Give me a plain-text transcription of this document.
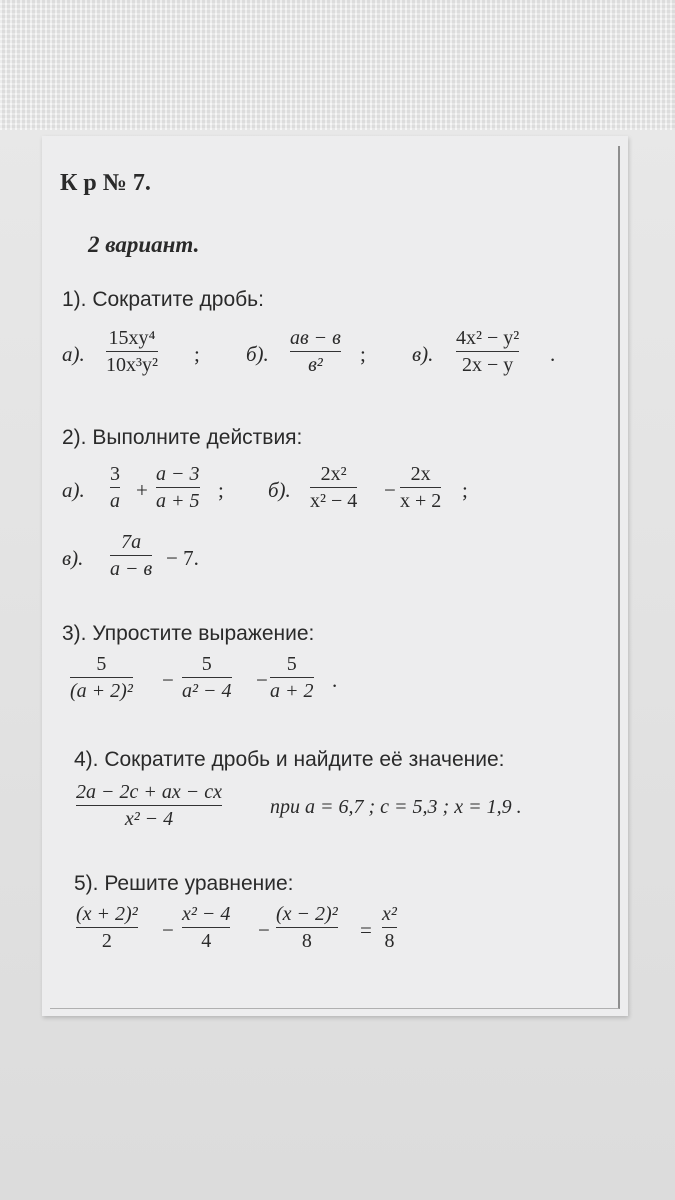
К р № 7.
2 вариант.
1). Сократите дробь:
а).
15xy⁴
10x³y² ; б).
ав − в
в² ; в).
4x² − y²
2x − y .
2). Выполните действия:
а).
3
a +
a − 3
a + 5 ; б).
2x²
x² − 4 −
2x
x + 2 ;
в).
7a
a − в − 7.
3). Упростите выражение:
5
(a + 2)² −
5
a² − 4 −
5
a + 2 .
4). Сократите дробь и найдите её значение:
2a − 2c + ax − cx
x² − 4
при a = 6,7 ; c = 5,3 ; x = 1,9 .
5). Решите уравнение:
(x + 2)²
2 −
x² − 4
4 −
(x − 2)²
8 =
x²
8
